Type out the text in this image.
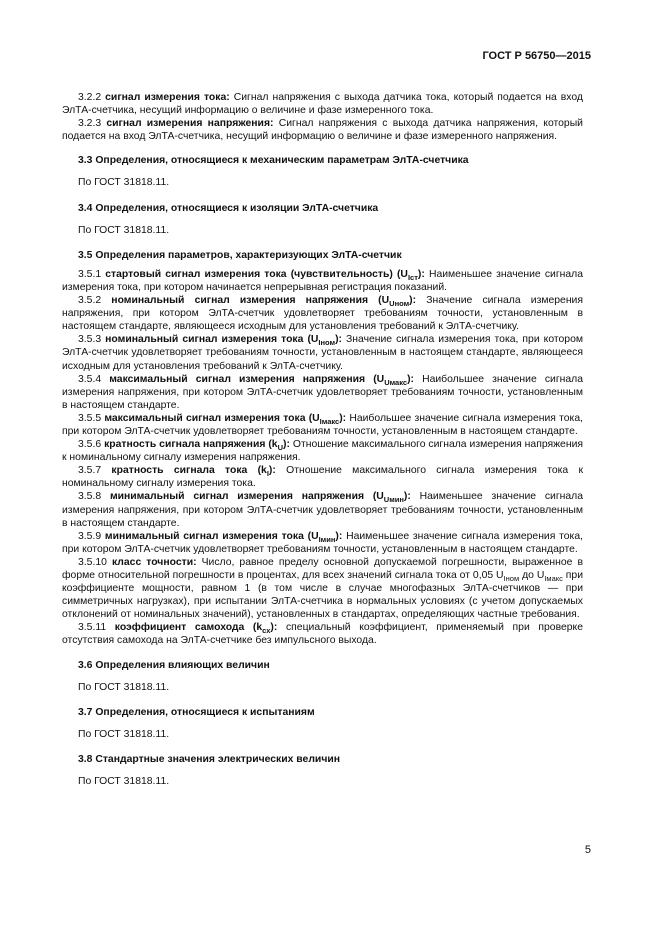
ГОСТ Р 56750—2015

3.2.2 сигнал измерения тока: Сигнал напряжения с выхода датчика тока, который подается на вход ЭлТА-счетчика, несущий информацию о величине и фазе измеренного тока.

3.2.3 сигнал измерения напряжения: Сигнал напряжения с выхода датчика напряжения, который подается на вход ЭлТА-счетчика, несущий информацию о величине и фазе измеренного напряжения.

3.3 Определения, относящиеся к механическим параметрам ЭлТА-счетчика

По ГОСТ 31818.11.

3.4 Определения, относящиеся к изоляции ЭлТА-счетчика

По ГОСТ 31818.11.

3.5 Определения параметров, характеризующих ЭлТА-счетчик

3.5.1 стартовый сигнал измерения тока (чувствительность) $(U_{Iст})$: Наименьшее значение сигнала измерения тока, при котором начинается непрерывная регистрация показаний.

3.5.2 номинальный сигнал измерения напряжения $(U_{Uном})$: Значение сигнала измерения напряжения, при котором ЭлТА-счетчик удовлетворяет требованиям точности, установленным в настоящем стандарте, являющееся исходным для установления требований к ЭлТА-счетчику.

3.5.3 номинальный сигнал измерения тока $(U_{Iном})$: Значение сигнала измерения тока, при котором ЭлТА-счетчик удовлетворяет требованиям точности, установленным в настоящем стандарте, являющееся исходным для установления требований к ЭлТА-счетчику.

3.5.4 максимальный сигнал измерения напряжения $(U_{Uмакс})$: Наибольшее значение сигнала измерения напряжения, при котором ЭлТА-счетчик удовлетворяет требованиям точности, установленным в настоящем стандарте.

3.5.5 максимальный сигнал измерения тока $(U_{Iмакс})$: Наибольшее значение сигнала измерения тока, при котором ЭлТА-счетчик удовлетворяет требованиям точности, установленным в настоящем стандарте.

3.5.6 кратность сигнала напряжения $(k_U)$: Отношение максимального сигнала измерения напряжения к номинальному сигналу измерения напряжения.

3.5.7 кратность сигнала тока $(k_I)$: Отношение максимального сигнала измерения тока к номинальному сигналу измерения тока.

3.5.8 минимальный сигнал измерения напряжения $(U_{Uмин})$: Наименьшее значение сигнала измерения напряжения, при котором ЭлТА-счетчик удовлетворяет требованиям точности, установленным в настоящем стандарте.

3.5.9 минимальный сигнал измерения тока $(U_{Iмин})$: Наименьшее значение сигнала измерения тока, при котором ЭлТА-счетчик удовлетворяет требованиям точности, установленным в настоящем стандарте.

3.5.10 класс точности: Число, равное пределу основной допускаемой погрешности, выраженное в форме относительной погрешности в процентах, для всех значений сигнала тока от 0,05 $U_{Iном}$ до $U_{Iмакс}$ при коэффициенте мощности, равном 1 (в том числе в случае многофазных ЭлТА-счетчиков — при симметричных нагрузках), при испытании ЭлТА-счетчика в нормальных условиях (с учетом допускаемых отклонений от номинальных значений), установленных в стандартах, определяющих частные требования.

3.5.11 коэффициент самохода $(k_{сх})$: специальный коэффициент, применяемый при проверке отсутствия самохода на ЭлТА-счетчике без импульсного выхода.

3.6 Определения влияющих величин

По ГОСТ 31818.11.

3.7 Определения, относящиеся к испытаниям

По ГОСТ 31818.11.

3.8 Стандартные значения электрических величин

По ГОСТ 31818.11.

5
